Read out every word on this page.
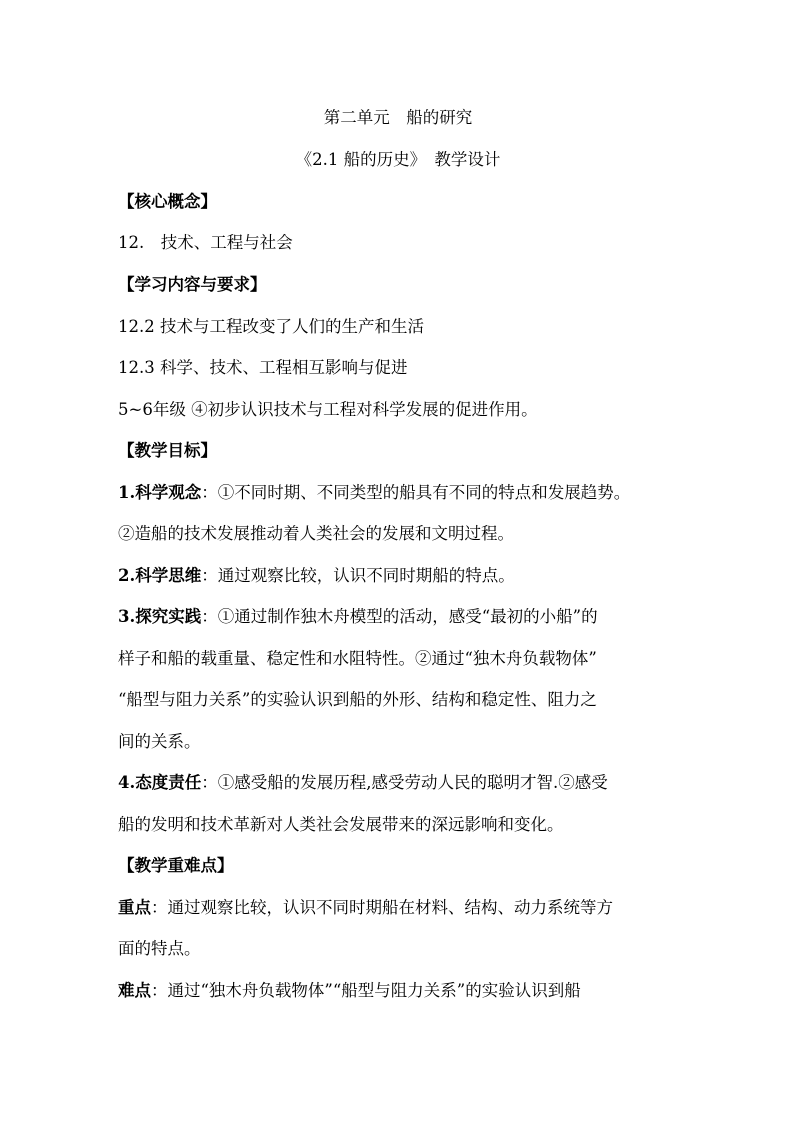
第二单元　船的研究
《2.1 船的历史》　教学设计
【核心概念】
12.　技术、工程与社会
【学习内容与要求】
12.2 技术与工程改变了人们的生产和生活
12.3 科学、技术、工程相互影响与促进
5~6年级 ④初步认识技术与工程对科学发展的促进作用。
【教学目标】
1.科学观念：①不同时期、不同类型的船具有不同的特点和发展趋势。
②造船的技术发展推动着人类社会的发展和文明过程。
2.科学思维：通过观察比较，认识不同时期船的特点。
3.探究实践：①通过制作独木舟模型的活动，感受“最初的小船”的
样子和船的载重量、稳定性和水阻特性。②通过“独木舟负载物体”
“船型与阻力关系”的实验认识到船的外形、结构和稳定性、阻力之
间的关系。
4.态度责任：①感受船的发展历程,感受劳动人民的聪明才智.②感受
船的发明和技术革新对人类社会发展带来的深远影响和变化。
【教学重难点】
重点：通过观察比较，认识不同时期船在材料、结构、动力系统等方
面的特点。
难点：通过“独木舟负载物体”“船型与阻力关系”的实验认识到船
